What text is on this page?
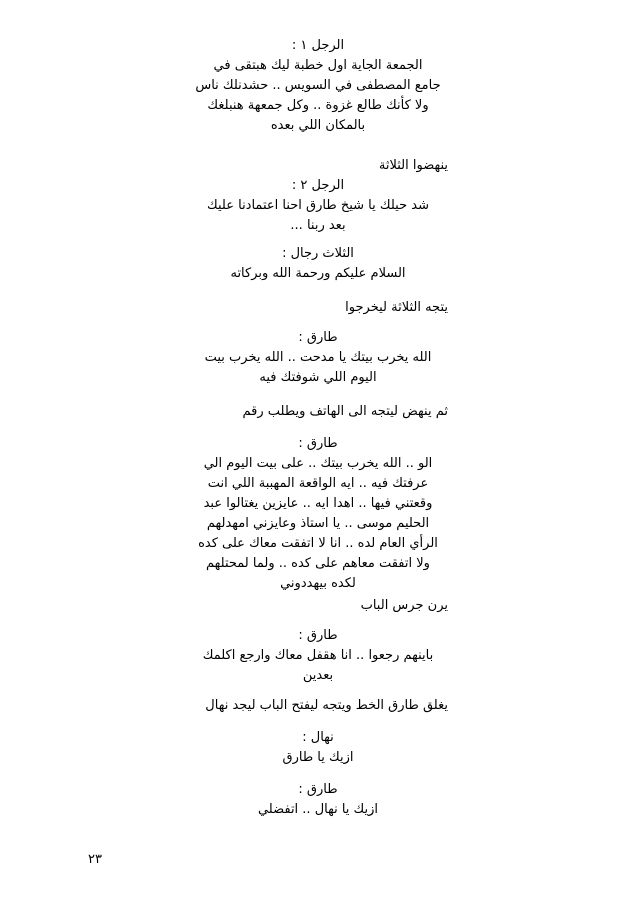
الرجل ١ :
الجمعة الجاية اول خطبة ليك هبتقى في
جامع المصطفى في السويس .. حشدنلك ناس
ولا كأنك طالع غزوة .. وكل جمعهة هنبلغك
بالمكان اللي بعده
ينهضوا الثلاثة
الرجل ٢ :
شد حيلك يا شيخ طارق احنا اعتمادنا عليك
بعد ربنا ...
الثلاث رجال :
السلام عليكم ورحمة الله وبركاته
يتجه الثلاثة ليخرجوا
طارق :
الله يخرب بيتك يا مدحت .. الله يخرب بيت
اليوم اللي شوفتك فيه
ثم ينهض ليتجه الى الهاتف ويطلب رقم
طارق :
الو .. الله يخرب بيتك .. على بيت اليوم الي
عرفتك فيه .. ايه الواقعة المهببة اللي انت
وقعتني فيها .. اهدا ايه .. عايزين يغتالوا عبد
الحليم موسى .. يا استاذ وعايزني امهدلهم
الرأي العام لده .. انا لا اتفقت معاك على كده
ولا اتفقت معاهم على كده .. ولما لمحتلهم
لكده بيهددوني
يرن جرس الباب
طارق :
باينهم رجعوا .. انا هقفل معاك وارجع اكلمك
بعدين
يغلق طارق الخط ويتجه ليفتح الباب ليجد نهال
نهال :
ازيك يا طارق
طارق :
ازيك يا نهال .. اتفضلي
٢٣
